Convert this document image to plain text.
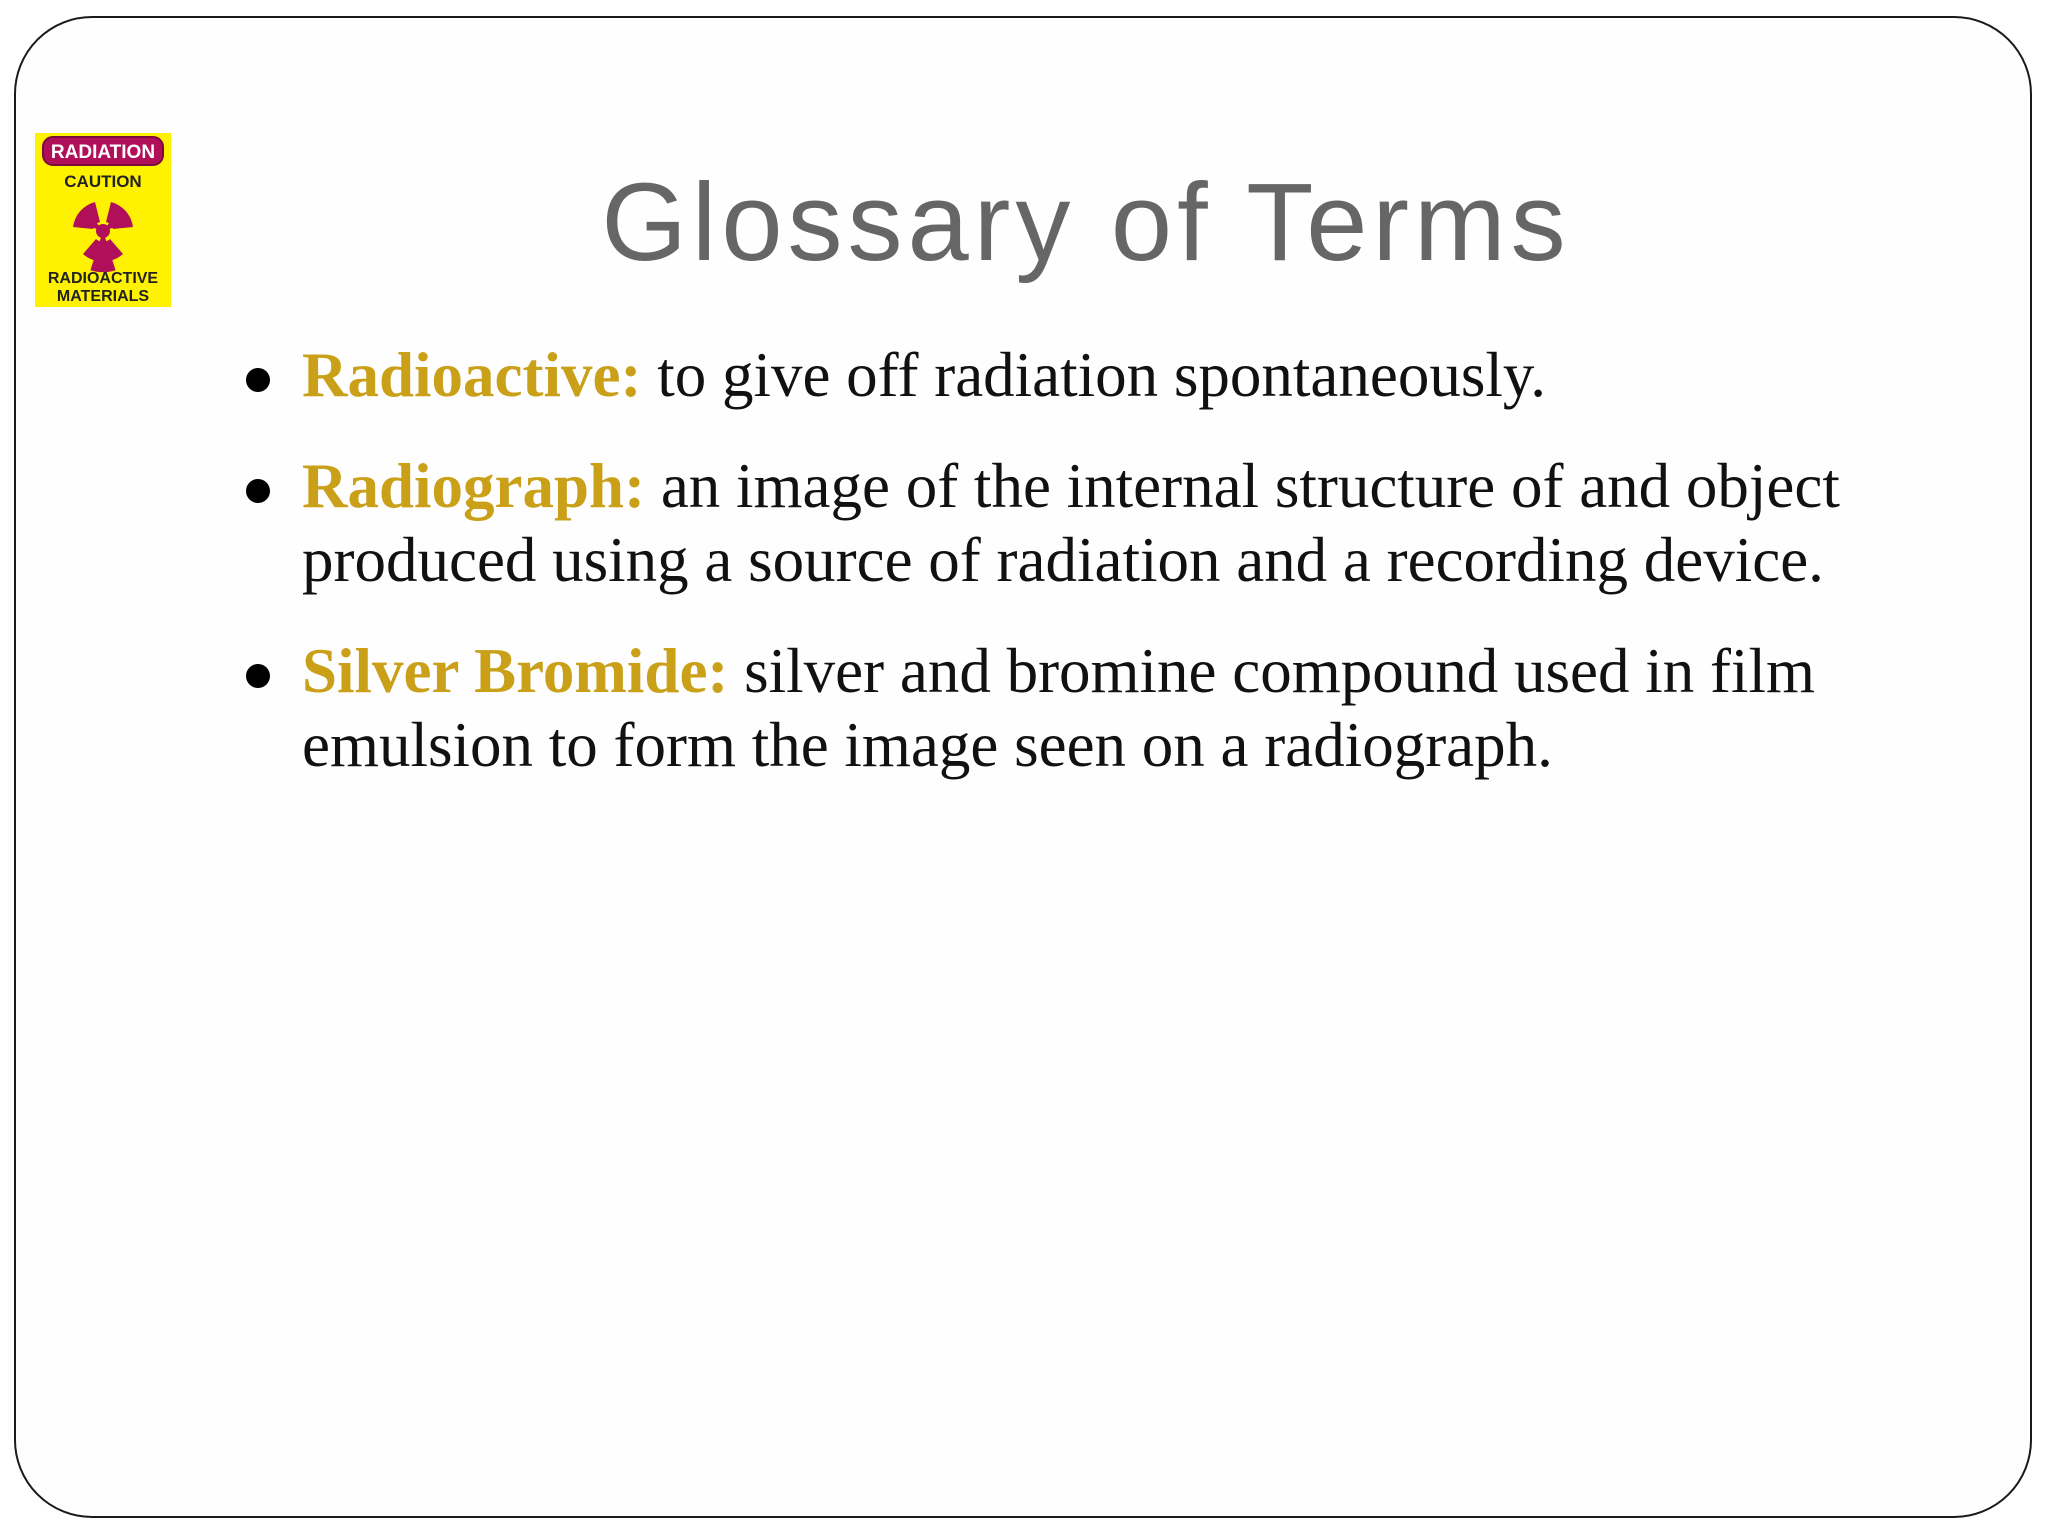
RADIATION
CAUTION
RADIOACTIVE
MATERIALS
Glossary of Terms
Radioactive: to give off radiation spontaneously.
Radiograph: an image of the internal structure of and object produced using a source of radiation and a recording device.
Silver Bromide: silver and bromine compound used in film emulsion to form the image seen on a radiograph.
